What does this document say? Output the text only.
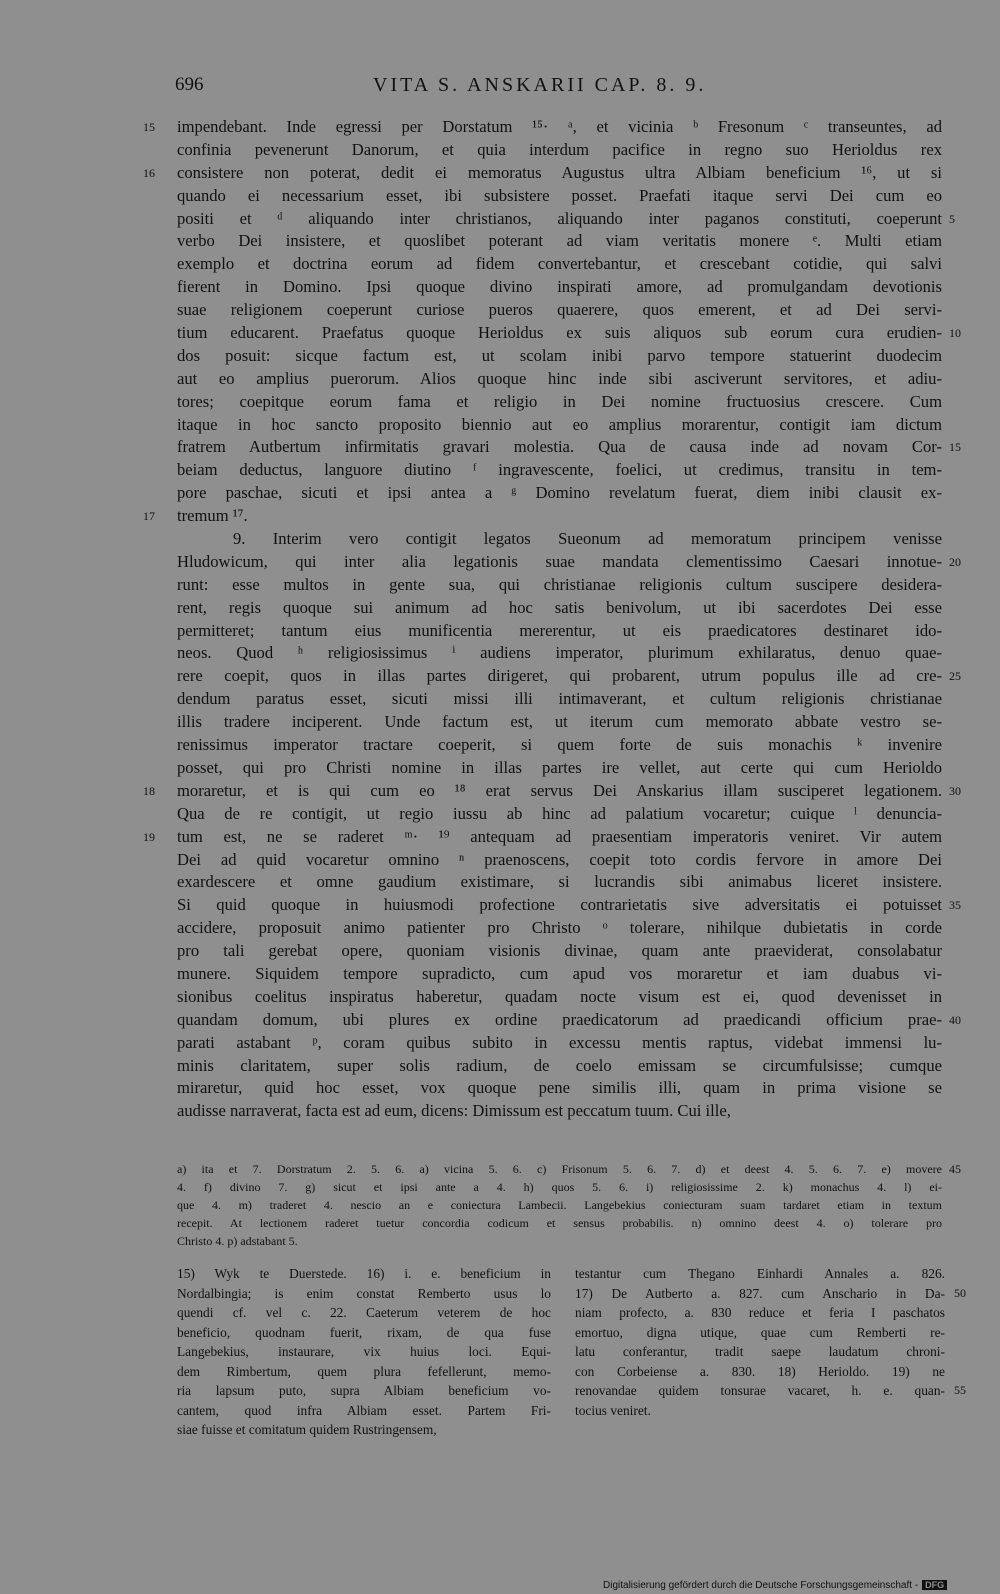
696	VITA S. ANSKARII CAP. 8. 9.
impendebant. Inde egressi per Dorstatum ¹⁵· ᵃ, et vicinia ᵇ Fresonum ᶜ transeuntes, ad
15
confinia pevenerunt Danorum, et quia interdum pacifice in regno suo Herioldus rex
consistere non poterat, dedit ei memoratus Augustus ultra Albiam beneficium ¹⁶, ut si
16
quando ei necessarium esset, ibi subsistere posset. Praefati itaque servi Dei cum eo
positi et ᵈ aliquando inter christianos, aliquando inter paganos constituti, coeperunt 5
verbo Dei insistere, et quoslibet poterant ad viam veritatis monere ᵉ. Multi etiam
exemplo et doctrina eorum ad fidem convertebantur, et crescebant cotidie, qui salvi
fierent in Domino. Ipsi quoque divino inspirati amore, ad promulgandam devotionis
suae religionem coeperunt curiose pueros quaerere, quos emerent, et ad Dei servi-
tium educarent. Praefatus quoque Herioldus ex suis aliquos sub eorum cura erudien- 10
dos posuit: sicque factum est, ut scolam inibi parvo tempore statuerint duodecim
aut eo amplius puerorum. Alios quoque hinc inde sibi asciverunt servitores, et adiu-
tores; coepitque eorum fama et religio in Dei nomine fructuosius crescere. Cum
itaque in hoc sancto proposito biennio aut eo amplius morarentur, contigit iam dictum
fratrem Autbertum infirmitatis gravari molestia. Qua de causa inde ad novam Cor- 15
beiam deductus, languore diutino ᶠ ingravescente, foelici, ut credimus, transitu in tem-
pore paschae, sicuti et ipsi antea a ᵍ Domino revelatum fuerat, diem inibi clausit ex-
tremum ¹⁷.
17
9. Interim vero contigit legatos Sueonum ad memoratum principem venisse
Hludowicum, qui inter alia legationis suae mandata clementissimo Caesari innotue- 20
runt: esse multos in gente sua, qui christianae religionis cultum suscipere desidera-
rent, regis quoque sui animum ad hoc satis benivolum, ut ibi sacerdotes Dei esse
permitteret; tantum eius munificentia mererentur, ut eis praedicatores destinaret ido-
neos. Quod ʰ religiosissimus ⁱ audiens imperator, plurimum exhilaratus, denuo quae-
rere coepit, quos in illas partes dirigeret, qui probarent, utrum populus ille ad cre- 25
dendum paratus esset, sicuti missi illi intimaverant, et cultum religionis christianae
illis tradere inciperent. Unde factum est, ut iterum cum memorato abbate vestro se-
renissimus imperator tractare coeperit, si quem forte de suis monachis ᵏ invenire
posset, qui pro Christi nomine in illas partes ire vellet, aut certe qui cum Herioldo
moraretur, et is qui cum eo ¹⁸ erat servus Dei Anskarius illam susciperet legationem.
18	30
Qua de re contigit, ut regio iussu ab hinc ad palatium vocaretur; cuique ˡ denuncia-
tum est, ne se raderet ᵐ· ¹⁹ antequam ad praesentiam imperatoris veniret. Vir autem
19
Dei ad quid vocaretur omnino ⁿ praenoscens, coepit toto cordis fervore in amore Dei
exardescere et omne gaudium existimare, si lucrandis sibi animabus liceret insistere.
Si quid quoque in huiusmodi profectione contrarietatis sive adversitatis ei potuisset 35
accidere, proposuit animo patienter pro Christo ᵒ tolerare, nihilque dubietatis in corde
pro tali gerebat opere, quoniam visionis divinae, quam ante praeviderat, consolabatur
munere. Siquidem tempore supradicto, cum apud vos moraretur et iam duabus vi-
sionibus coelitus inspiratus haberetur, quadam nocte visum est ei, quod devenisset in
quandam domum, ubi plures ex ordine praedicatorum ad praedicandi officium prae- 40
parati astabant ᵖ, coram quibus subito in excessu mentis raptus, videbat immensi lu-
minis claritatem, super solis radium, de coelo emissam se circumfulsisse; cumque
miraretur, quid hoc esset, vox quoque pene similis illi, quam in prima visione se
audisse narraverat, facta est ad eum, dicens: Dimissum est peccatum tuum. Cui ille,
a) ita et 7. Dorstratum 2. 5. 6. a) vicina 5. 6. c) Frisonum 5. 6. 7. d) et deest 4. 5. 6. 7. e) movere 45
4. f) divino 7. g) sicut et ipsi ante a 4. h) quos 5. 6. i) religiosissime 2. k) monachus 4. l) ei-
que 4. m) traderet 4. nescio an e coniectura Lambecii. Langebekius coniecturam suam tardaret etiam in textum
recepit. At lectionem raderet tuetur concordia codicum et sensus probabilis. n) omnino deest 4. o) tolerare pro
Christo 4. p) adstabant 5.
15) Wyk te Duerstede. 16) i. e. beneficium in
Nordalbingia; is enim constat Remberto usus lo
quendi cf. vel c. 22. Caeterum veterem de hoc
beneficio, quodnam fuerit, rixam, de qua fuse
Langebekius, instaurare, vix huius loci. Equi-
dem Rimbertum, quem plura fefellerunt, memo-
ria lapsum puto, supra Albiam beneficium vo-
cantem, quod infra Albiam esset. Partem Fri-
siae fuisse et comitatum quidem Rustringensem,
testantur cum Thegano Einhardi Annales a. 826.
50
17) De Autberto a. 827. cum Anschario in Da-
niam profecto, a. 830 reduce et feria I paschatos
emortuo, digna utique, quae cum Remberti re-
latu conferantur, tradit saepe laudatum chroni-
con Corbeiense a. 830. 18) Herioldo. 19) ne
55
renovandae quidem tonsurae vacaret, h. e. quan-
tocius veniret.
Digitalisierung gefördert durch die Deutsche Forschungsgemeinschaft - DFG
